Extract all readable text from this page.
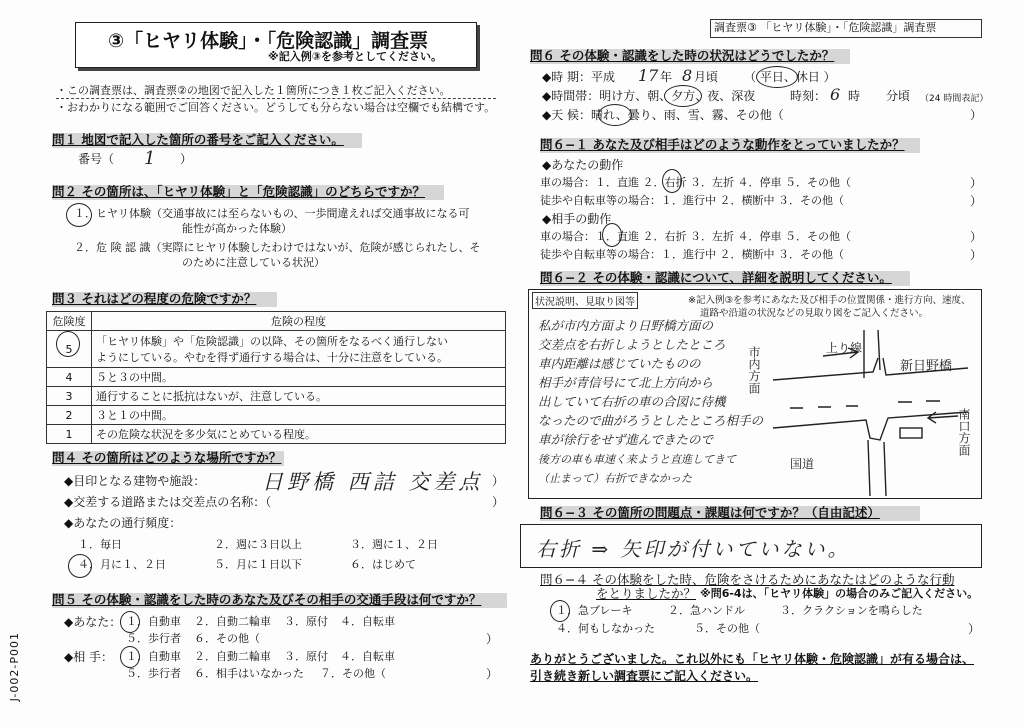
③「ヒヤリ体験」・「危険認識」調査票
※記入例③を参考としてください。
調査票③ 「ヒヤリ体験」・「危険認識」調査票
J-002-P001
・この調査票は、調査票②の地図で記入した１箇所につき１枚ご記入ください。
・おわかりになる範囲でご回答ください。どうしても分らない場合は空欄でも結構です。
問１ 地図で記入した箇所の番号をご記入ください。
番号（ 1 ）
問２ その箇所は、「ヒヤリ体験」と「危険認識」のどちらですか？
１．ヒヤリ体験（交通事故には至らないもの、一歩間違えれば交通事故になる可
能性が高かった体験）
２．危 険 認 識（実際にヒヤリ体験したわけではないが、危険が感じられたし、そ
のために注意している状況）
問３ それはどの程度の危険ですか？
危険度	危険の程度
5	「ヒヤリ体験」や「危険認識」の以降、その箇所をなるべく通行しない
ようにしている。やむを得ず通行する場合は、十分に注意をしている。

4	５と３の中間。
3	通行することに抵抗はないが、注意している。
2	３と１の中間。
1	その危険な状況を多少気にとめている程度。
問４ その箇所はどのような場所ですか？
◆目印となる建物や施設：	日野橋 西詰 交差点 ）
◆交差する道路または交差点の名称：（	）
◆あなたの通行頻度：
１．毎日	２．週に３日以上	３．週に１、２日
４．月に１、２日	５．月に１日以下	６．はじめて
問５ その体験・認識をした時のあなた及びその相手の交通手段は何ですか？
◆あなた： １．自動車 ２．自動二輪車 ３．原付 ４．自転車
５．歩行者 ６．その他（	）
◆相 手： １．自動車 ２．自動二輪車 ３．原付 ４．自転車
５．歩行者 ６．相手はいなかった ７．その他（	）
問６ その体験・認識をした時の状況はどうでしたか？
◆時 期：平成 17 年 8 月頃 （ 平日、休日 ）
◆時間帯：明け方、朝、夕方、夜、深夜	時刻： 6 時 分頃 （24 時間表記）
◆天 候：晴れ、曇り、雨、雪、霧、その他（	）
問６−１ あなた及び相手はどのような動作をとっていましたか？
◆あなたの動作
車の場合：１．直進 ２．右折 ３．左折 ４．停車 ５．その他（	）
徒歩や自転車等の場合：１．進行中 ２．横断中 ３．その他（	）
◆相手の動作
車の場合：１．直進 ２．右折 ３．左折 ４．停車 ５．その他（	）
徒歩や自転車等の場合：１．進行中 ２．横断中 ３．その他（	）
問６−２ その体験・認識について、詳細を説明してください。
状況説明、見取り図等	※記入例③を参考にあなた及び相手の位置関係・進行方向、速度、
道路や沿道の状況などの見取り図をご記入ください。
私が市内方面より日野橋方面の
交差点を右折しようとしたところ
車内距離は感じていたものの
相手が青信号にて北上方向から
出していて右折の車の合図に待機
なったので曲がろうとしたところ相手の
車が徐行をせず進んできたので
後方の車も車速く来ようと直進してきて
（止まって）右折できなかった
上り線
市内方面	新日野橋
南口方面
国道
問６−３ その箇所の問題点・課題は何ですか？（自由記述）
右折 ⇒ 矢印が付いていない。
問６−４ その体験をした時、危険をさけるためにあなたはどのような行動
をとりましたか？ ※問6-4は、「ヒヤリ体験」の場合のみご記入ください。
１．急ブレーキ	２．急ハンドル	３．クラクションを鳴らした
４．何もしなかった	５．その他（	）
ありがとうございました。これ以外にも「ヒヤリ体験・危険認識」が有る場合は、
引き続き新しい調査票にご記入ください。
